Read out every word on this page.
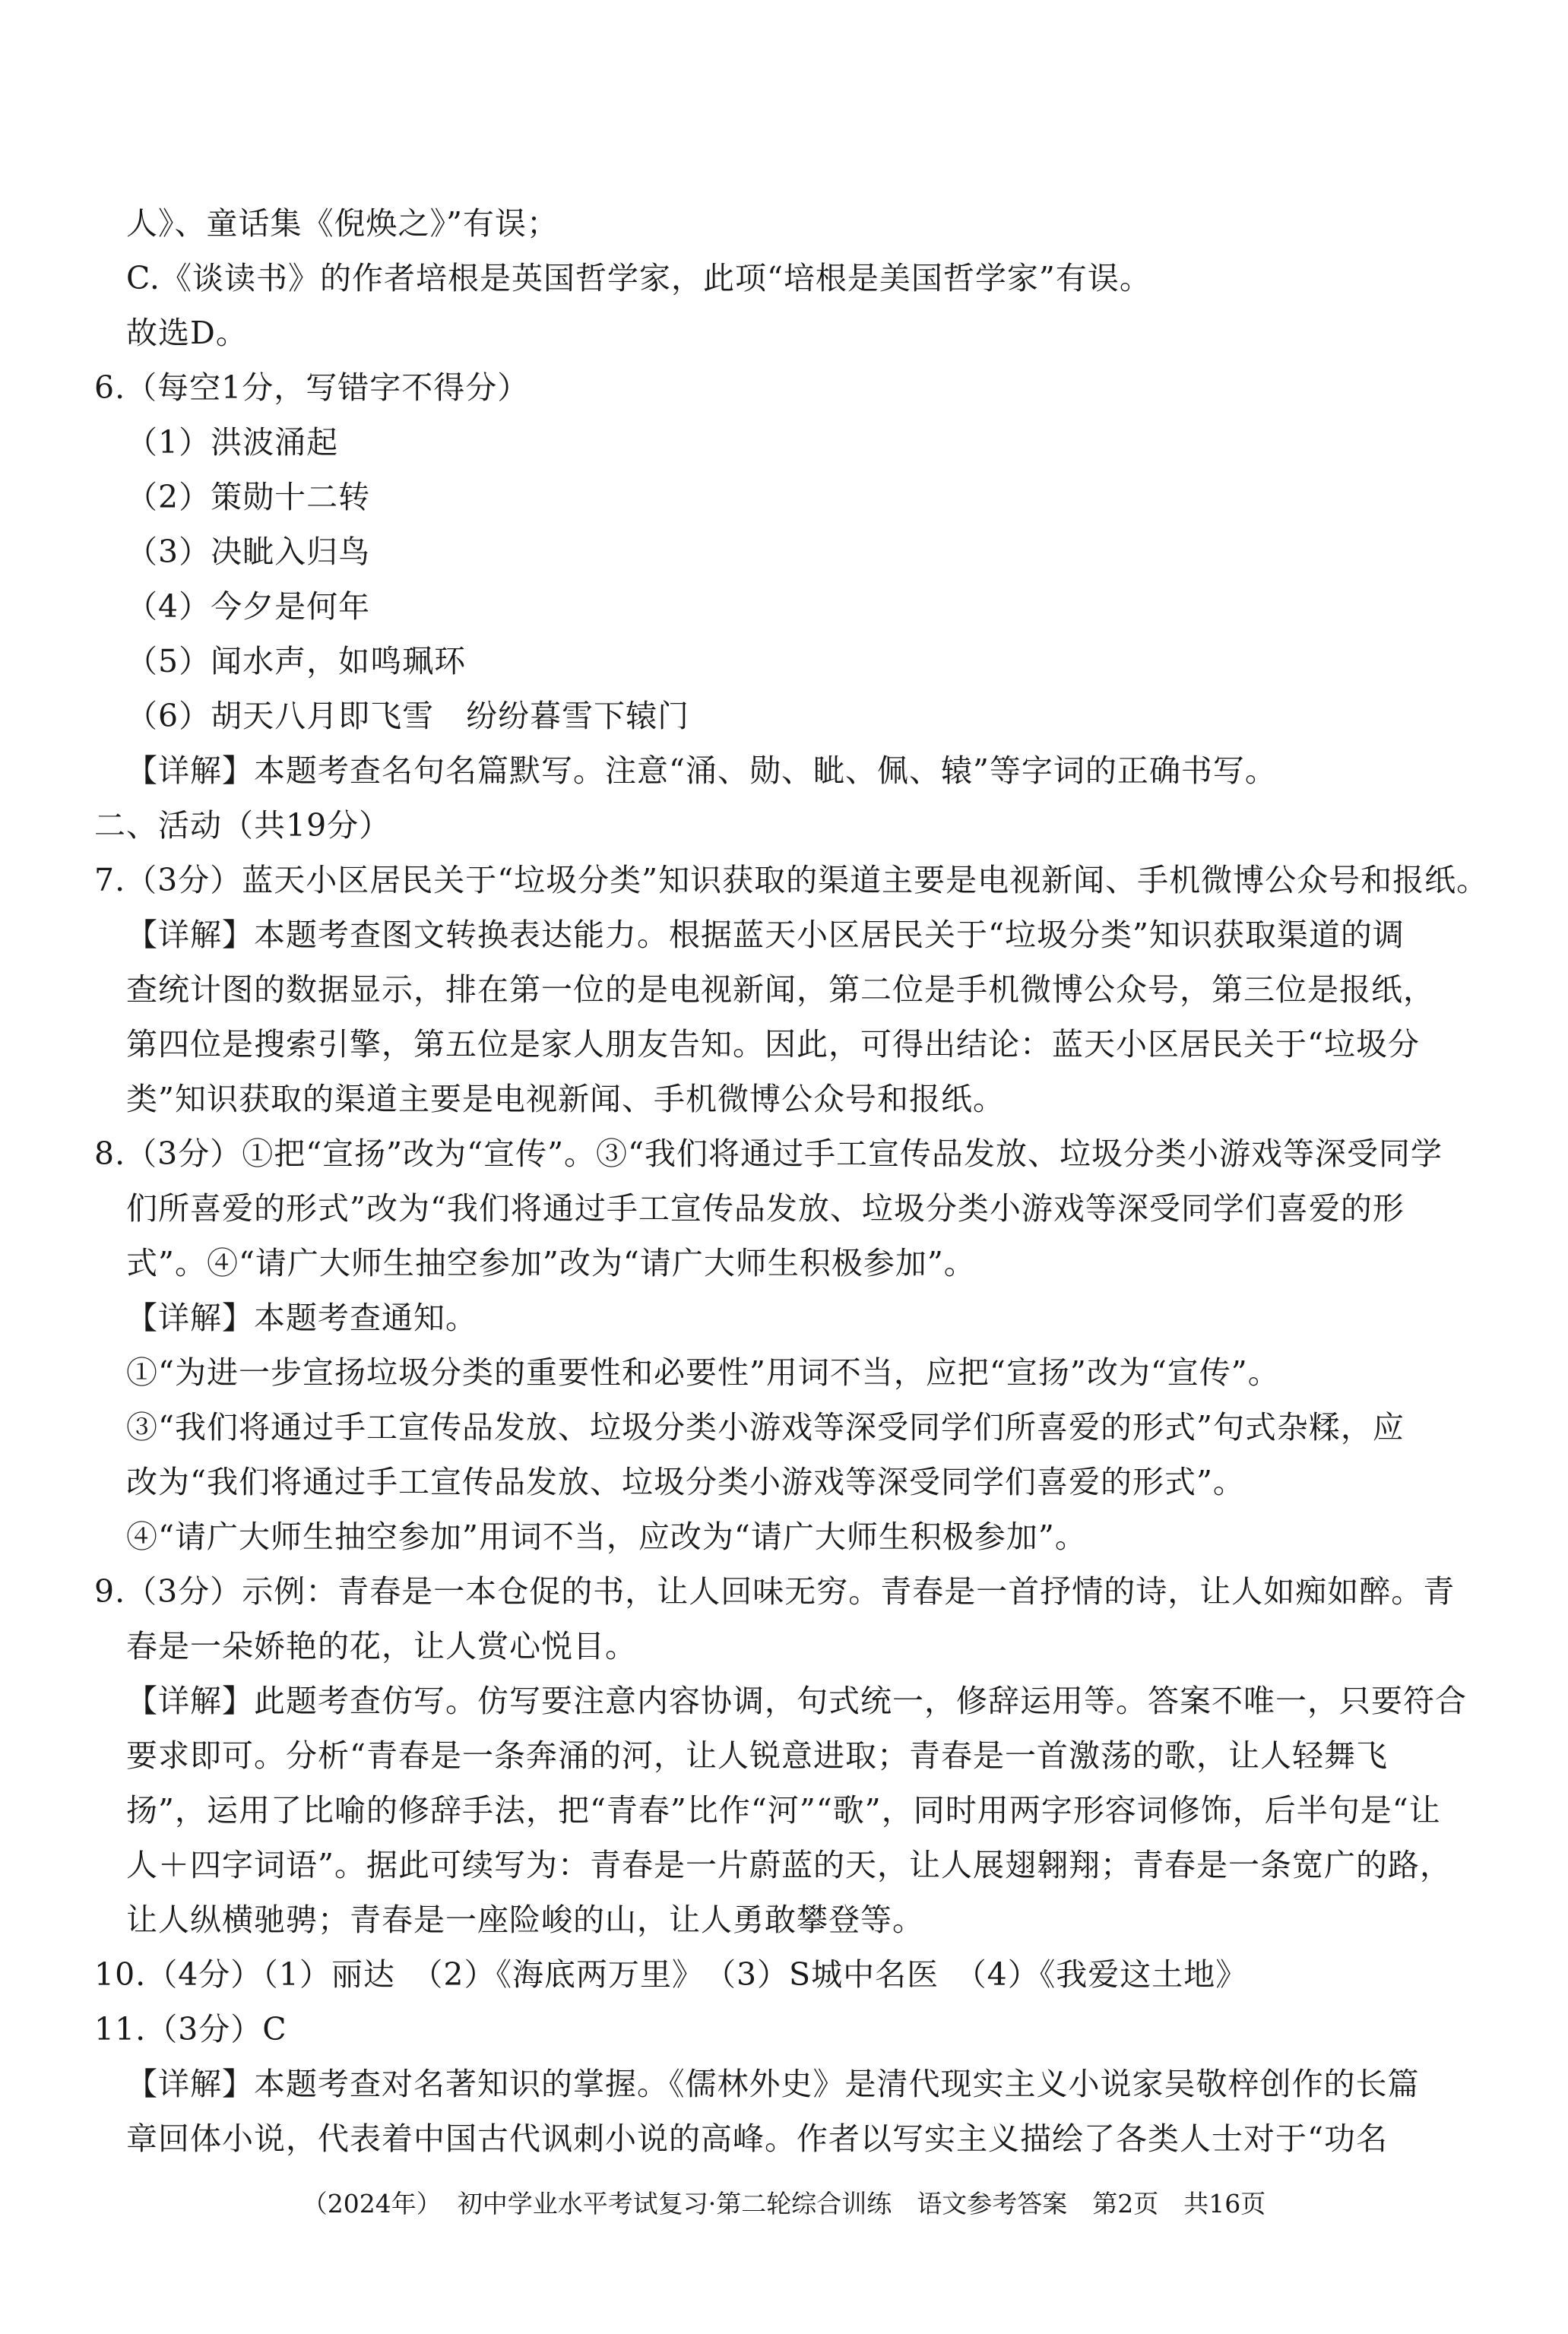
人》、童话集《倪焕之》”有误；
C.《谈读书》的作者培根是英国哲学家，此项“培根是美国哲学家”有误。
故选D。
6.（每空1分，写错字不得分）
（1）洪波涌起
（2）策勋十二转
（3）决眦入归鸟
（4）今夕是何年
（5）闻水声，如鸣珮环
（6）胡天八月即飞雪　纷纷暮雪下辕门
【详解】本题考查名句名篇默写。注意“涌、勋、眦、佩、辕”等字词的正确书写。
二、活动（共19分）
7.（3分）蓝天小区居民关于“垃圾分类”知识获取的渠道主要是电视新闻、手机微博公众号和报纸。
【详解】本题考查图文转换表达能力。根据蓝天小区居民关于“垃圾分类”知识获取渠道的调
查统计图的数据显示，排在第一位的是电视新闻，第二位是手机微博公众号，第三位是报纸，
第四位是搜索引擎，第五位是家人朋友告知。因此，可得出结论：蓝天小区居民关于“垃圾分
类”知识获取的渠道主要是电视新闻、手机微博公众号和报纸。
8.（3分）①把“宣扬”改为“宣传”。③“我们将通过手工宣传品发放、垃圾分类小游戏等深受同学
们所喜爱的形式”改为“我们将通过手工宣传品发放、垃圾分类小游戏等深受同学们喜爱的形
式”。④“请广大师生抽空参加”改为“请广大师生积极参加”。
【详解】本题考查通知。
①“为进一步宣扬垃圾分类的重要性和必要性”用词不当，应把“宣扬”改为“宣传”。
③“我们将通过手工宣传品发放、垃圾分类小游戏等深受同学们所喜爱的形式”句式杂糅，应
改为“我们将通过手工宣传品发放、垃圾分类小游戏等深受同学们喜爱的形式”。
④“请广大师生抽空参加”用词不当，应改为“请广大师生积极参加”。
9.（3分）示例：青春是一本仓促的书，让人回味无穷。青春是一首抒情的诗，让人如痴如醉。青
春是一朵娇艳的花，让人赏心悦目。
【详解】此题考查仿写。仿写要注意内容协调，句式统一，修辞运用等。答案不唯一，只要符合
要求即可。分析“青春是一条奔涌的河，让人锐意进取；青春是一首激荡的歌，让人轻舞飞
扬”，运用了比喻的修辞手法，把“青春”比作“河”“歌”，同时用两字形容词修饰，后半句是“让
人＋四字词语”。据此可续写为：青春是一片蔚蓝的天，让人展翅翱翔；青春是一条宽广的路，
让人纵横驰骋；青春是一座险峻的山，让人勇敢攀登等。
10.（4分）（1）丽达　（2）《海底两万里》　（3）S城中名医　（4）《我爱这土地》
11.（3分）C
【详解】本题考查对名著知识的掌握。《儒林外史》是清代现实主义小说家吴敬梓创作的长篇
章回体小说，代表着中国古代讽刺小说的高峰。作者以写实主义描绘了各类人士对于“功名
（2024年）  初中学业水平考试复习·第二轮综合训练　语文参考答案　第2页　共16页
